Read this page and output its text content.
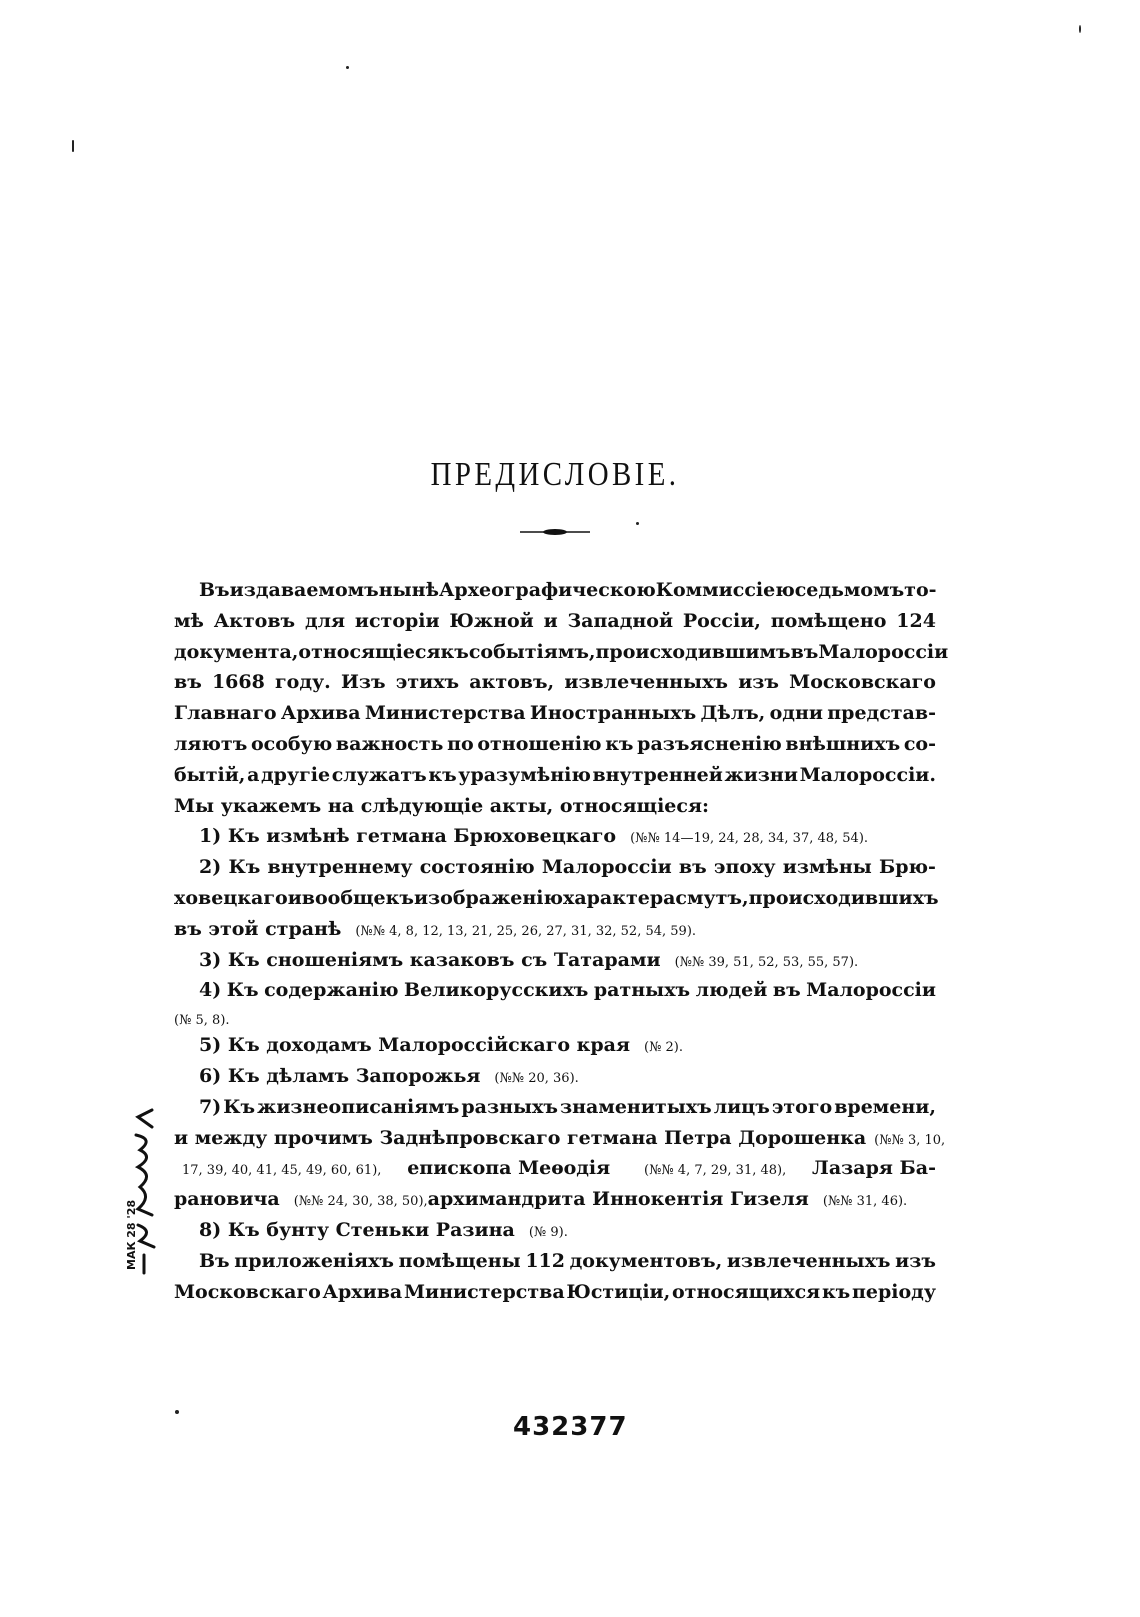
ПРЕДИСЛОВІЕ.
Въ издаваемомъ нынѣ Археографическою Коммиссіею седьмомъ то-
мѣ Актовъ для исторіи Южной и Западной Россіи, помѣщено 124
документа, относящіеся къ событіямъ, происходившимъ въ Малороссіи
въ 1668 году. Изъ этихъ актовъ, извлеченныхъ изъ Московскаго
Главнаго Архива Министерства Иностранныхъ Дѣлъ, одни представ-
ляютъ особую важность по отношенію къ разъясненію внѣшнихъ со-
бытій, а другіе служатъ къ уразумѣнію внутренней жизни Малороссіи.
Мы укажемъ на слѣдующіе акты, относящіеся:
1) Къ измѣнѣ гетмана Брюховецкаго (№№ 14—19, 24, 28, 34, 37, 48, 54).
2) Къ внутреннему состоянію Малороссіи въ эпоху измѣны Брю-
ховецкаго и вообще къ изображенію характера смутъ, происходившихъ
въ этой странѣ (№№ 4, 8, 12, 13, 21, 25, 26, 27, 31, 32, 52, 54, 59).
3) Къ сношеніямъ казаковъ съ Татарами (№№ 39, 51, 52, 53, 55, 57).
4) Къ содержанію Великорусскихъ ратныхъ людей въ Малороссіи
(№ 5, 8).
5) Къ доходамъ Малороссійскаго края (№ 2).
6) Къ дѣламъ Запорожья (№№ 20, 36).
7) Къ жизнеописаніямъ разныхъ знаменитыхъ лицъ этого времени,
и между прочимъ Заднѣпровскаго гетмана Петра Дорошенка (№№ 3, 10,
17, 39, 40, 41, 45, 49, 60, 61), епископа Меѳодія	(№№ 4, 7, 29, 31, 48), Лазаря Ба-
рановича (№№ 24, 30, 38, 50), архимандрита Иннокентія Гизеля (№№ 31, 46).
8) Къ бунту Стеньки Разина (№ 9).
Въ приложеніяхъ помѣщены 112 документовъ, извлеченныхъ изъ
Московскаго Архива Министерства Юстиціи, относящихся къ періоду
432377
МАК 28 '28
